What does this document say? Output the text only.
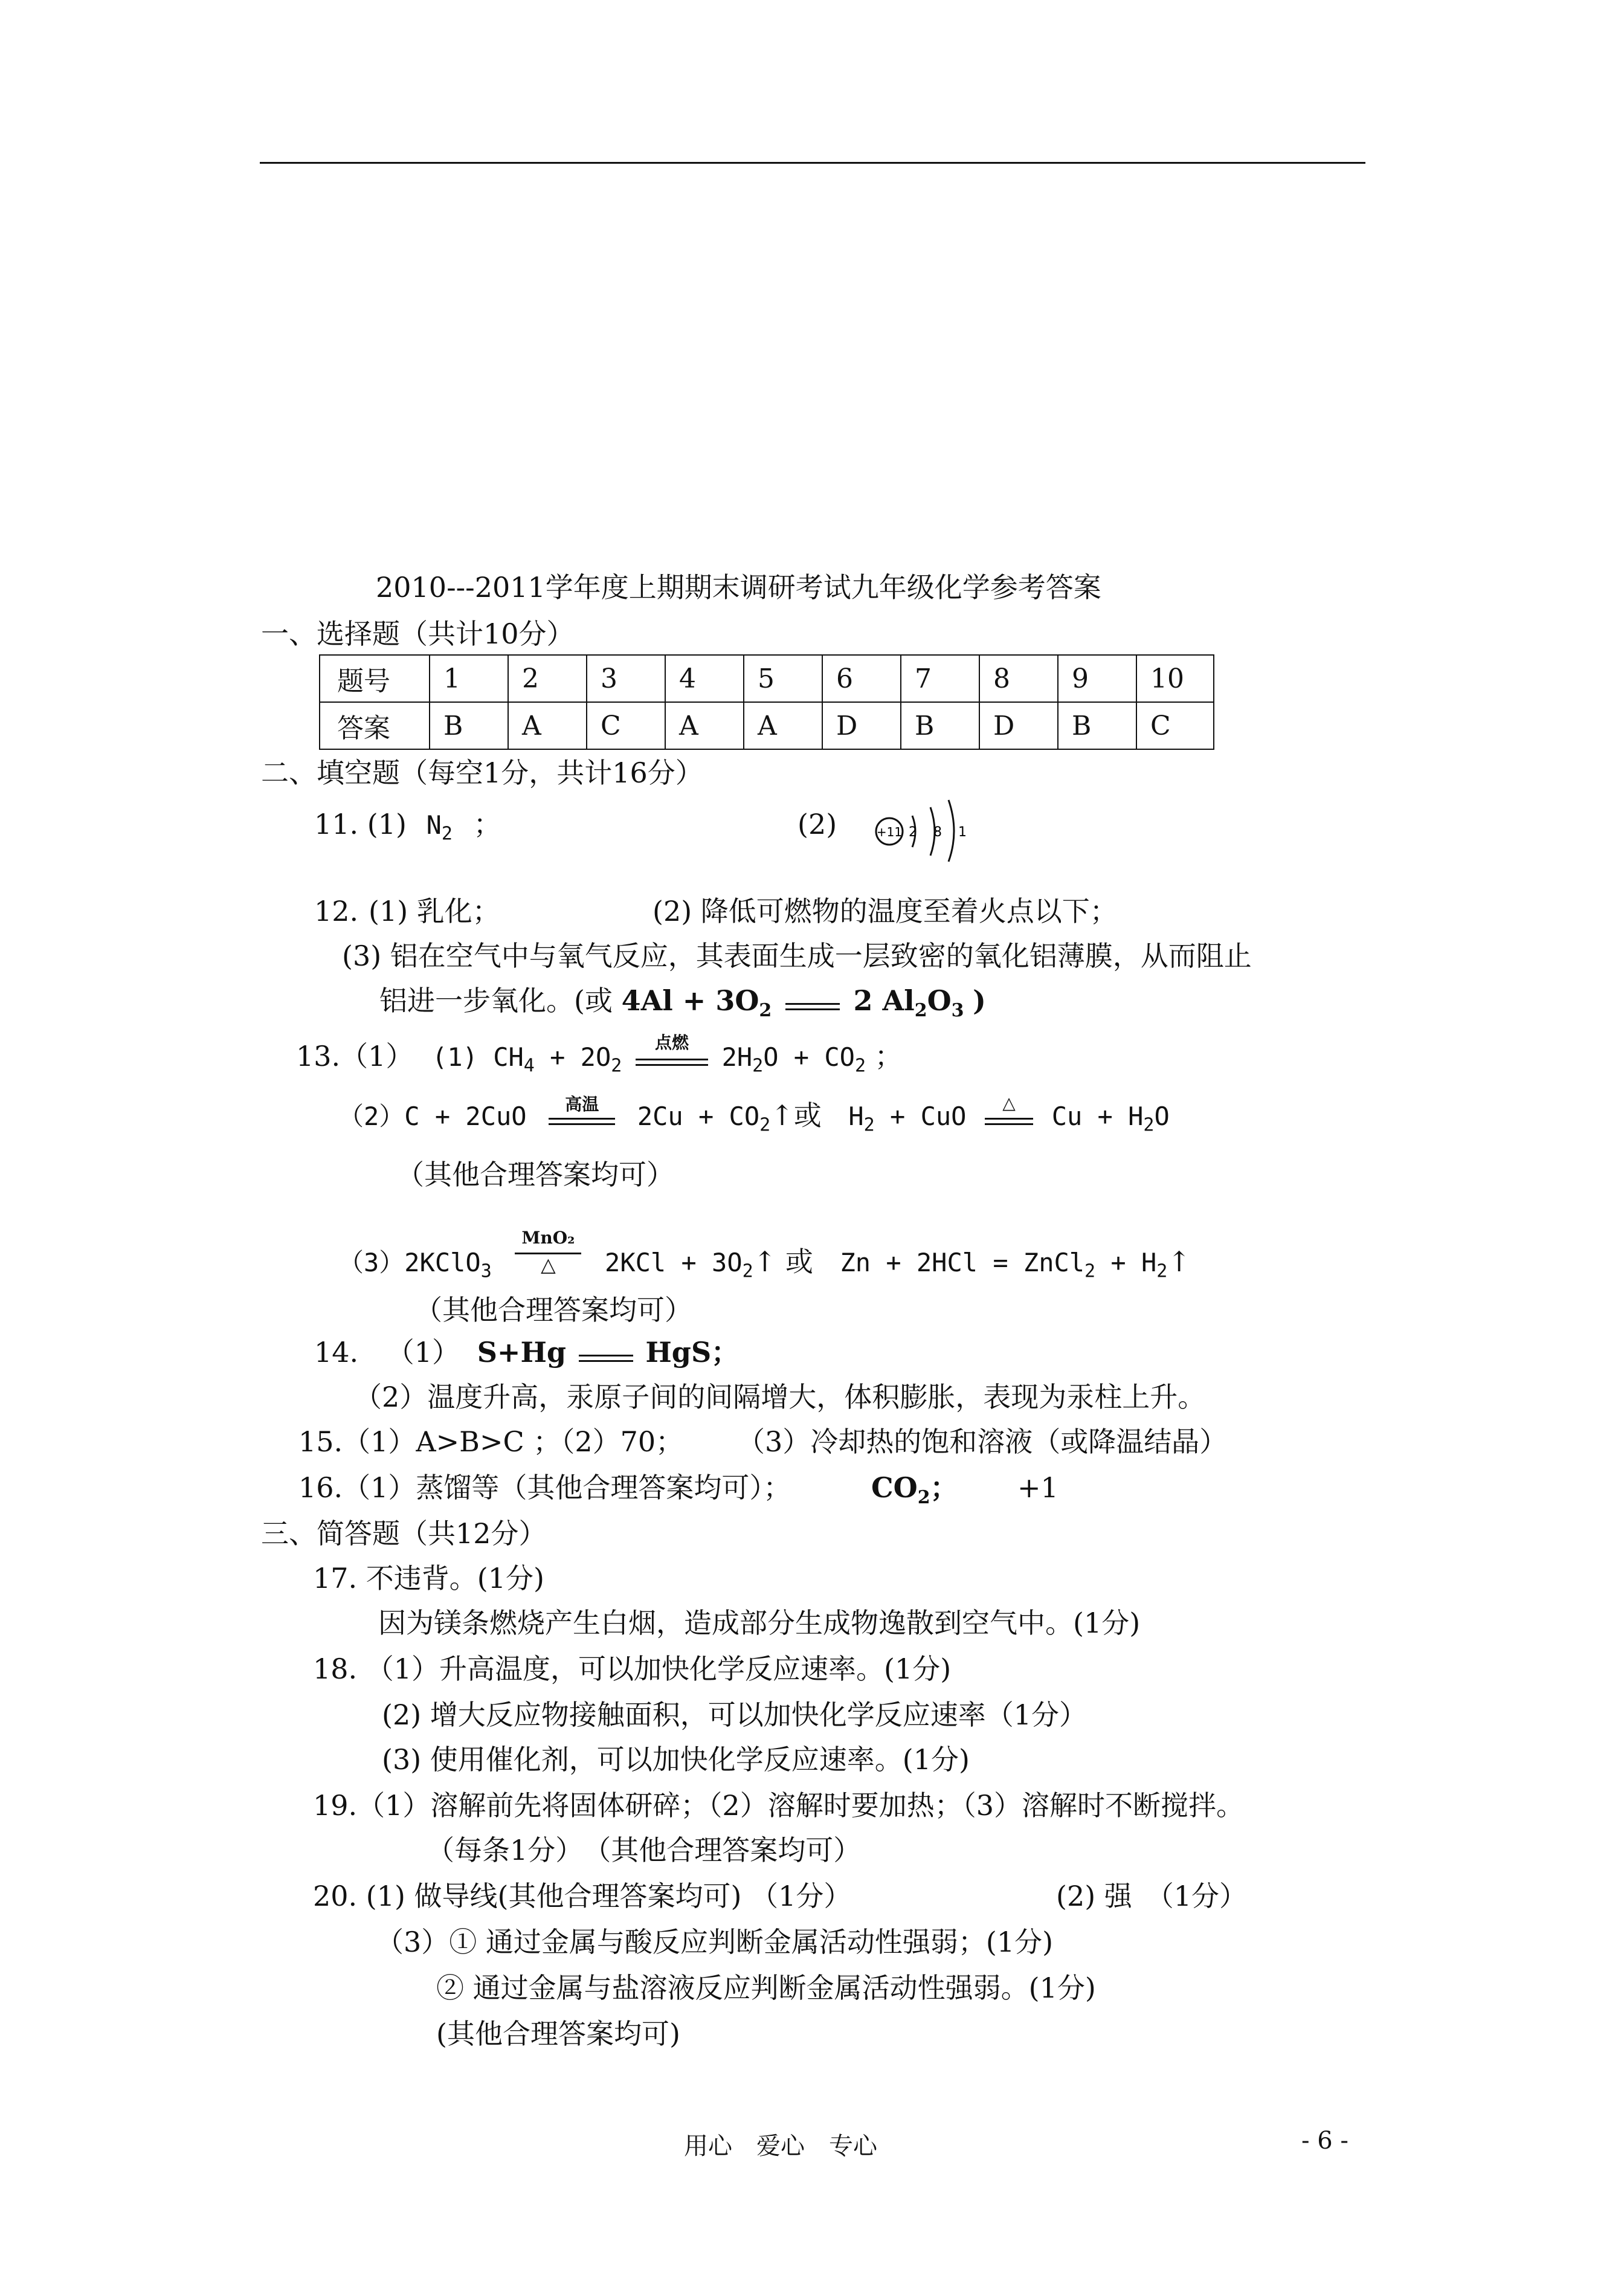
2010---2011学年度上期期末调研考试九年级化学参考答案
一、选择题（共计10分）
题号	1	2	3	4	5	6	7	8	9	10
答案	B	A	C	A	A	D	B	D	B	C
二、填空题（每空1分，共计16分）
11. (1) $N_2$ ；	(2)	+11 2 8 1
12. (1) 乳化；	(2) 降低可燃物的温度至着火点以下；
(3) 铝在空气中与氧气反应，其表面生成一层致密的氧化铝薄膜，从而阻止
铝进一步氧化。(或 $4Al + 3O_2$	2 $Al_2O_3$ )
13.（1） (1) $CH_4 + 2O_2$
点燃	$2H_2O + CO_2$ ；
（2）C + 2CuO	高温	$2Cu + CO_2↑$或 $H_2$ + CuO	△	$Cu + H_2O$
（其他合理答案均可）
（3）2KClO$_3$
MnO₂
△	$2KCl + 3O_2↑$ 或 Zn + 2HCl = ZnCl$_2$ + $H_2↑$
（其他合理答案均可）
14. （1） S+Hg	HgS；
（2）温度升高，汞原子间的间隔增大，体积膨胀，表现为汞柱上升。
15.（1）A>B>C ；（2）70； （3）冷却热的饱和溶液（或降温结晶）
16.（1）蒸馏等（其他合理答案均可）；	$CO_2$； +1
三、简答题（共12分）
17. 不违背。(1分)
因为镁条燃烧产生白烟，造成部分生成物逸散到空气中。(1分)
18. （1）升高温度，可以加快化学反应速率。(1分)
(2) 增大反应物接触面积，可以加快化学反应速率（1分）
(3) 使用催化剂，可以加快化学反应速率。(1分)
19.（1）溶解前先将固体研碎；（2）溶解时要加热；（3）溶解时不断搅拌。
（每条1分）　（其他合理答案均可）
20. (1) 做导线(其他合理答案均可) （1分）	(2) 强　（1分）
（3）① 通过金属与酸反应判断金属活动性强弱；(1分)
② 通过金属与盐溶液反应判断金属活动性强弱。(1分)
(其他合理答案均可)
用心　爱心　专心	- 6 -
